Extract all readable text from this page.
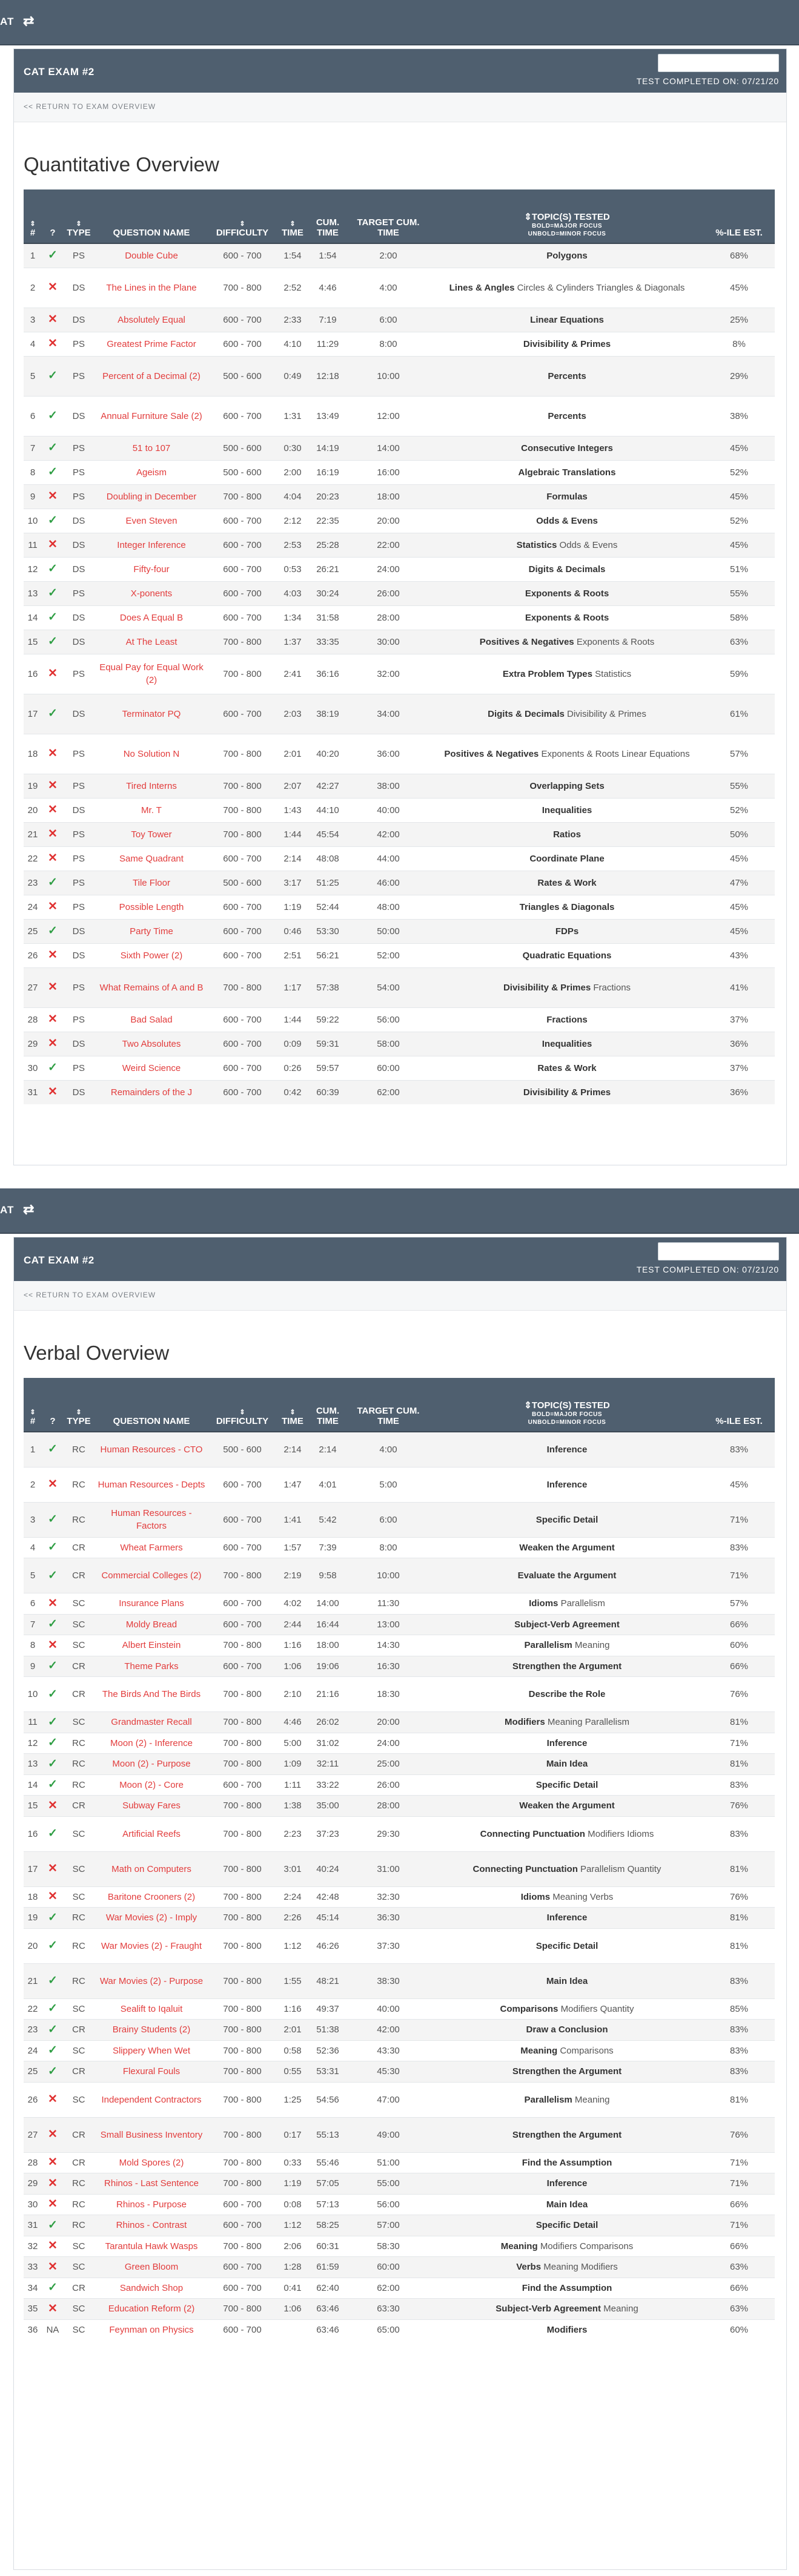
AT ⇄
CAT EXAM #2
TEST COMPLETED ON: 07/21/20
<< RETURN TO EXAM OVERVIEW
Quantitative Overview
⇕
#	?	⇕
TYPE	QUESTION NAME	⇕
DIFFICULTY	⇕
TIME	CUM. TIME	TARGET CUM. TIME	⇕TOPIC(S) TESTED
BOLD=MAJOR FOCUS
UNBOLD=MINOR FOCUS	%-ILE EST.
1	✓	PS	Double Cube	600 - 700	1:54	1:54	2:00	Polygons	68%
2	✕	DS	The Lines in the Plane	700 - 800	2:52	4:46	4:00	Lines & Angles Circles & Cylinders Triangles & Diagonals	45%
3	✕	DS	Absolutely Equal	600 - 700	2:33	7:19	6:00	Linear Equations	25%
4	✕	PS	Greatest Prime Factor	600 - 700	4:10	11:29	8:00	Divisibility & Primes	8%
5	✓	PS	Percent of a Decimal (2)	500 - 600	0:49	12:18	10:00	Percents	29%
6	✓	DS	Annual Furniture Sale (2)	600 - 700	1:31	13:49	12:00	Percents	38%
7	✓	PS	51 to 107	500 - 600	0:30	14:19	14:00	Consecutive Integers	45%
8	✓	PS	Ageism	500 - 600	2:00	16:19	16:00	Algebraic Translations	52%
9	✕	PS	Doubling in December	700 - 800	4:04	20:23	18:00	Formulas	45%
10	✓	DS	Even Steven	600 - 700	2:12	22:35	20:00	Odds & Evens	52%
11	✕	DS	Integer Inference	600 - 700	2:53	25:28	22:00	Statistics Odds & Evens	45%
12	✓	DS	Fifty-four	600 - 700	0:53	26:21	24:00	Digits & Decimals	51%
13	✓	PS	X-ponents	600 - 700	4:03	30:24	26:00	Exponents & Roots	55%
14	✓	DS	Does A Equal B	600 - 700	1:34	31:58	28:00	Exponents & Roots	58%
15	✓	DS	At The Least	700 - 800	1:37	33:35	30:00	Positives & Negatives Exponents & Roots	63%
16	✕	PS	Equal Pay for Equal Work (2)	700 - 800	2:41	36:16	32:00	Extra Problem Types Statistics	59%
17	✓	DS	Terminator PQ	600 - 700	2:03	38:19	34:00	Digits & Decimals Divisibility & Primes	61%
18	✕	PS	No Solution N	700 - 800	2:01	40:20	36:00	Positives & Negatives Exponents & Roots Linear Equations	57%
19	✕	PS	Tired Interns	700 - 800	2:07	42:27	38:00	Overlapping Sets	55%
20	✕	DS	Mr. T	700 - 800	1:43	44:10	40:00	Inequalities	52%
21	✕	PS	Toy Tower	700 - 800	1:44	45:54	42:00	Ratios	50%
22	✕	PS	Same Quadrant	600 - 700	2:14	48:08	44:00	Coordinate Plane	45%
23	✓	PS	Tile Floor	500 - 600	3:17	51:25	46:00	Rates & Work	47%
24	✕	PS	Possible Length	600 - 700	1:19	52:44	48:00	Triangles & Diagonals	45%
25	✓	DS	Party Time	600 - 700	0:46	53:30	50:00	FDPs	45%
26	✕	DS	Sixth Power (2)	600 - 700	2:51	56:21	52:00	Quadratic Equations	43%
27	✕	PS	What Remains of A and B	700 - 800	1:17	57:38	54:00	Divisibility & Primes Fractions	41%
28	✕	PS	Bad Salad	600 - 700	1:44	59:22	56:00	Fractions	37%
29	✕	DS	Two Absolutes	600 - 700	0:09	59:31	58:00	Inequalities	36%
30	✓	PS	Weird Science	600 - 700	0:26	59:57	60:00	Rates & Work	37%
31	✕	DS	Remainders of the J	600 - 700	0:42	60:39	62:00	Divisibility & Primes	36%
AT ⇄
CAT EXAM #2
TEST COMPLETED ON: 07/21/20
<< RETURN TO EXAM OVERVIEW
Verbal Overview
⇕
#	?	⇕
TYPE	QUESTION NAME	⇕
DIFFICULTY	⇕
TIME	CUM. TIME	TARGET CUM. TIME	⇕TOPIC(S) TESTED
BOLD=MAJOR FOCUS
UNBOLD=MINOR FOCUS	%-ILE EST.
1	✓	RC	Human Resources - CTO	500 - 600	2:14	2:14	4:00	Inference	83%
2	✕	RC	Human Resources - Depts	600 - 700	1:47	4:01	5:00	Inference	45%
3	✓	RC	Human Resources - Factors	600 - 700	1:41	5:42	6:00	Specific Detail	71%
4	✓	CR	Wheat Farmers	600 - 700	1:57	7:39	8:00	Weaken the Argument	83%
5	✓	CR	Commercial Colleges (2)	700 - 800	2:19	9:58	10:00	Evaluate the Argument	71%
6	✕	SC	Insurance Plans	600 - 700	4:02	14:00	11:30	Idioms Parallelism	57%
7	✓	SC	Moldy Bread	600 - 700	2:44	16:44	13:00	Subject-Verb Agreement	66%
8	✕	SC	Albert Einstein	700 - 800	1:16	18:00	14:30	Parallelism Meaning	60%
9	✓	CR	Theme Parks	600 - 700	1:06	19:06	16:30	Strengthen the Argument	66%
10	✓	CR	The Birds And The Birds	700 - 800	2:10	21:16	18:30	Describe the Role	76%
11	✓	SC	Grandmaster Recall	700 - 800	4:46	26:02	20:00	Modifiers Meaning Parallelism	81%
12	✓	RC	Moon (2) - Inference	700 - 800	5:00	31:02	24:00	Inference	71%
13	✓	RC	Moon (2) - Purpose	700 - 800	1:09	32:11	25:00	Main Idea	81%
14	✓	RC	Moon (2) - Core	600 - 700	1:11	33:22	26:00	Specific Detail	83%
15	✕	CR	Subway Fares	700 - 800	1:38	35:00	28:00	Weaken the Argument	76%
16	✓	SC	Artificial Reefs	700 - 800	2:23	37:23	29:30	Connecting Punctuation Modifiers Idioms	83%
17	✕	SC	Math on Computers	700 - 800	3:01	40:24	31:00	Connecting Punctuation Parallelism Quantity	81%
18	✕	SC	Baritone Crooners (2)	700 - 800	2:24	42:48	32:30	Idioms Meaning Verbs	76%
19	✓	RC	War Movies (2) - Imply	700 - 800	2:26	45:14	36:30	Inference	81%
20	✓	RC	War Movies (2) - Fraught	700 - 800	1:12	46:26	37:30	Specific Detail	81%
21	✓	RC	War Movies (2) - Purpose	700 - 800	1:55	48:21	38:30	Main Idea	83%
22	✓	SC	Sealift to Iqaluit	700 - 800	1:16	49:37	40:00	Comparisons Modifiers Quantity	85%
23	✓	CR	Brainy Students (2)	700 - 800	2:01	51:38	42:00	Draw a Conclusion	83%
24	✓	SC	Slippery When Wet	700 - 800	0:58	52:36	43:30	Meaning Comparisons	83%
25	✓	CR	Flexural Fouls	700 - 800	0:55	53:31	45:30	Strengthen the Argument	83%
26	✕	SC	Independent Contractors	700 - 800	1:25	54:56	47:00	Parallelism Meaning	81%
27	✕	CR	Small Business Inventory	700 - 800	0:17	55:13	49:00	Strengthen the Argument	76%
28	✕	CR	Mold Spores (2)	700 - 800	0:33	55:46	51:00	Find the Assumption	71%
29	✕	RC	Rhinos - Last Sentence	700 - 800	1:19	57:05	55:00	Inference	71%
30	✕	RC	Rhinos - Purpose	600 - 700	0:08	57:13	56:00	Main Idea	66%
31	✓	RC	Rhinos - Contrast	600 - 700	1:12	58:25	57:00	Specific Detail	71%
32	✕	SC	Tarantula Hawk Wasps	700 - 800	2:06	60:31	58:30	Meaning Modifiers Comparisons	66%
33	✕	SC	Green Bloom	600 - 700	1:28	61:59	60:00	Verbs Meaning Modifiers	63%
34	✓	CR	Sandwich Shop	600 - 700	0:41	62:40	62:00	Find the Assumption	66%
35	✕	SC	Education Reform (2)	700 - 800	1:06	63:46	63:30	Subject-Verb Agreement Meaning	63%
36	NA	SC	Feynman on Physics	600 - 700		63:46	65:00	Modifiers	60%
